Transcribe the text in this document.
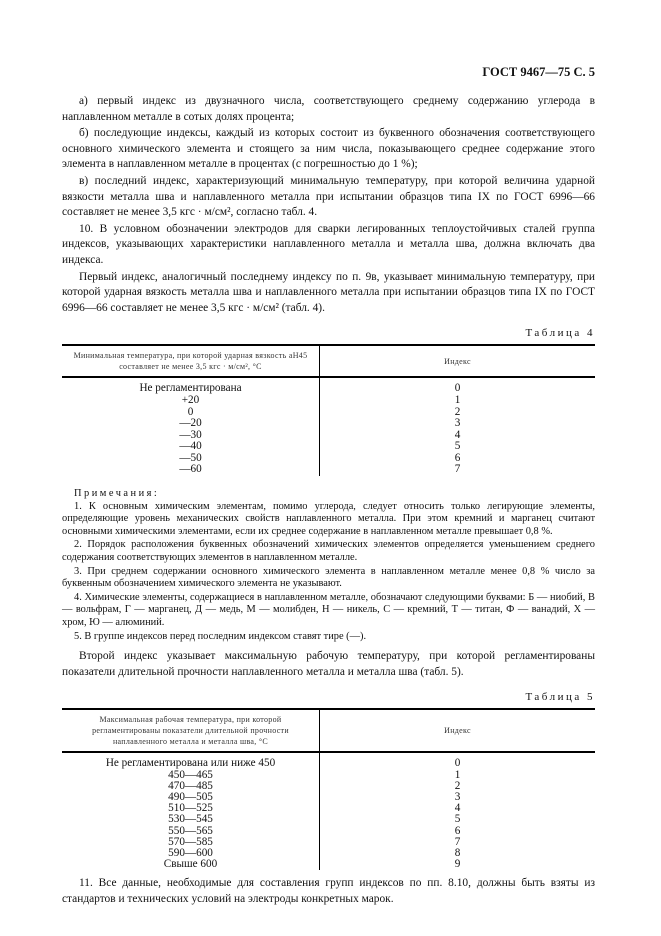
ГОСТ 9467—75 С. 5

а) первый индекс из двузначного числа, соответствующего среднему содержанию углерода в наплавленном металле в сотых долях процента;

б) последующие индексы, каждый из которых состоит из буквенного обозначения соответствующего основного химического элемента и стоящего за ним числа, показывающего среднее содержание этого элемента в наплавленном металле в процентах (с погрешностью до 1 %);

в) последний индекс, характеризующий минимальную температуру, при которой величина ударной вязкости металла шва и наплавленного металла при испытании образцов типа IX по ГОСТ 6996—66 составляет не менее 3,5 кгс · м/см², согласно табл. 4.

10. В условном обозначении электродов для сварки легированных теплоустойчивых сталей группа индексов, указывающих характеристики наплавленного металла и металла шва, должна включать два индекса.

Первый индекс, аналогичный последнему индексу по п. 9в, указывает минимальную температуру, при которой ударная вязкость металла шва и наплавленного металла при испытании образцов типа IX по ГОСТ 6996—66 составляет не менее 3,5 кгс · м/см² (табл. 4).

Таблица 4
Минимальная температура, при которой ударная вязкость aH45 составляет не менее 3,5 кгс · м/см², °С	Индекс
Не регламентирована	0
+20	1
0	2
—20	3
—30	4
—40	5
—50	6
—60	7
Примечания:

1. К основным химическим элементам, помимо углерода, следует относить только легирующие элементы, определяющие уровень механических свойств наплавленного металла. При этом кремний и марганец считают основными химическими элементами, если их среднее содержание в наплавленном металле превышает 0,8 %.

2. Порядок расположения буквенных обозначений химических элементов определяется уменьшением среднего содержания соответствующих элементов в наплавленном металле.

3. При среднем содержании основного химического элемента в наплавленном металле менее 0,8 % число за буквенным обозначением химического элемента не указывают.

4. Химические элементы, содержащиеся в наплавленном металле, обозначают следующими буквами: Б — ниобий, В — вольфрам, Г — марганец, Д — медь, М — молибден, Н — никель, С — кремний, Т — титан, Ф — ванадий, Х — хром, Ю — алюминий.

5. В группе индексов перед последним индексом ставят тире (—).

Второй индекс указывает максимальную рабочую температуру, при которой регламентированы показатели длительной прочности наплавленного металла и металла шва (табл. 5).

Таблица 5
Максимальная рабочая температура, при которой регламентированы показатели длительной прочности наплавленного металла и металла шва, °С	Индекс
Не регламентирована или ниже 450	0
450—465	1
470—485	2
490—505	3
510—525	4
530—545	5
550—565	6
570—585	7
590—600	8
Свыше 600	9

11. Все данные, необходимые для составления групп индексов по пп. 8.10, должны быть взяты из стандартов и технических условий на электроды конкретных марок.
